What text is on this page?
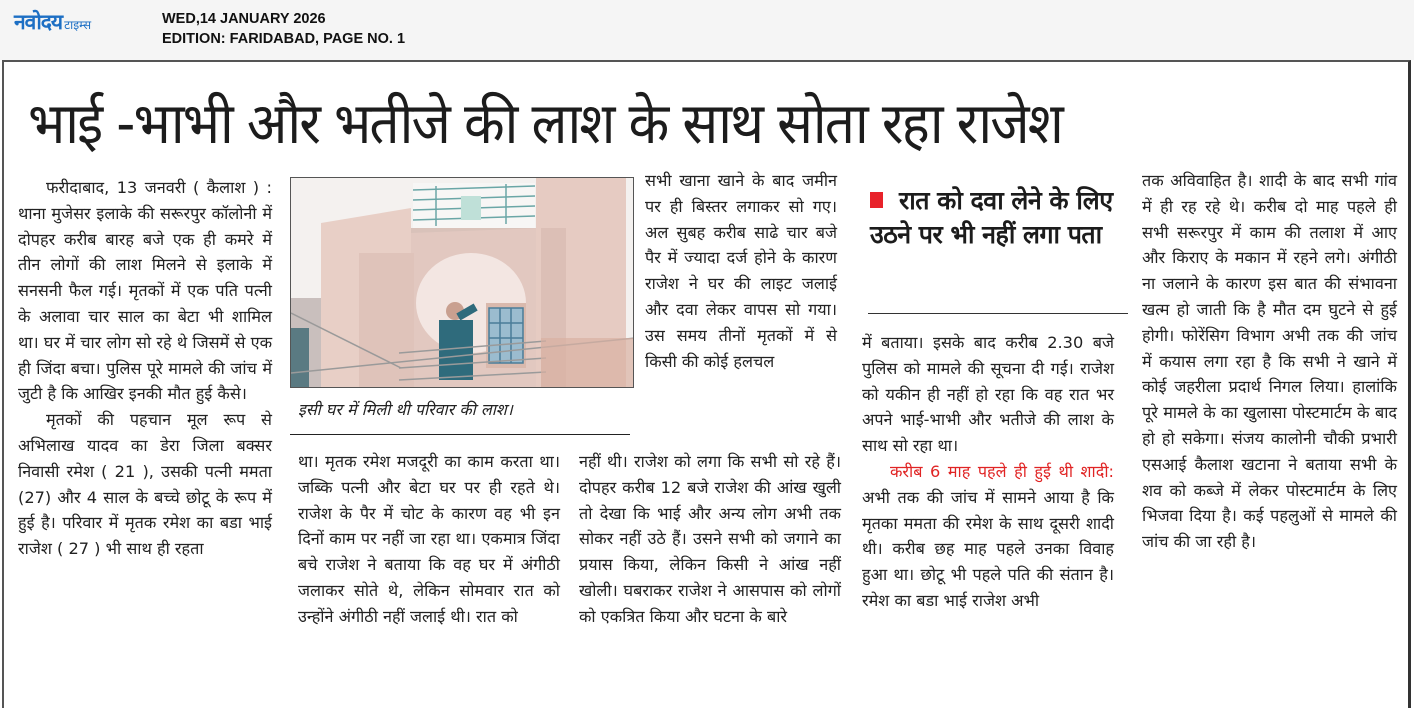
नवोदय टाइम्स	WED,14 JANUARY 2026
EDITION: FARIDABAD, PAGE NO. 1
भाई -भाभी और भतीजे की लाश के साथ सोता रहा राजेश

फरीदाबाद, 13 जनवरी ( कैलाश ) : थाना मुजेसर इलाके की सरूरपुर कॉलोनी में दोपहर करीब बारह बजे एक ही कमरे में तीन लोगों की लाश मिलने से इलाके में सनसनी फैल गई। मृतकों में एक पति पत्नी के अलावा चार साल का बेटा भी शामिल था। घर में चार लोग सो रहे थे जिसमें से एक ही जिंदा बचा। पुलिस पूरे मामले की जांच में जुटी है कि आखिर इनकी मौत हुई कैसे।

मृतकों की पहचान मूल रूप से अभिलाख यादव का डेरा जिला बक्सर निवासी रमेश ( 21 ), उसकी पत्नी ममता (27) और 4 साल के बच्चे छोटू के रूप में हुई है। परिवार में मृतक रमेश का बडा भाई राजेश ( 27 ) भी साथ ही रहता

इसी घर में मिली थी परिवार की लाश।

सभी खाना खाने के बाद जमीन पर ही बिस्तर लगाकर सो गए। अल सुबह करीब साढे चार बजे पैर में ज्यादा दर्ज होने के कारण राजेश ने घर की लाइट जलाई और दवा लेकर वापस सो गया। उस समय तीनों मृतकों में से किसी की कोई हलचल

था। मृतक रमेश मजदूरी का काम करता था। जब्कि पत्नी और बेटा घर पर ही रहते थे। राजेश के पैर में चोट के कारण वह भी इन दिनों काम पर नहीं जा रहा था। एकमात्र जिंदा बचे राजेश ने बताया कि वह घर में अंगीठी जलाकर सोते थे, लेकिन सोमवार रात को उन्होंने अंगीठी नहीं जलाई थी। रात को

नहीं थी। राजेश को लगा कि सभी सो रहे हैं। दोपहर करीब 12 बजे राजेश की आंख खुली तो देखा कि भाई और अन्य लोग अभी तक सोकर नहीं उठे हैं। उसने सभी को जगाने का प्रयास किया, लेकिन किसी ने आंख नहीं खोली। घबराकर राजेश ने आसपास को लोगों को एकत्रित किया और घटना के बारे

रात को दवा लेने के लिए उठने पर भी नहीं लगा पता

में बताया। इसके बाद करीब 2.30 बजे पुलिस को मामले की सूचना दी गई। राजेश को यकीन ही नहीं हो रहा कि वह रात भर अपने भाई-भाभी और भतीजे की लाश के साथ सो रहा था।

करीब 6 माह पहले ही हुई थी शादी: अभी तक की जांच में सामने आया है कि मृतका ममता की रमेश के साथ दूसरी शादी थी। करीब छह माह पहले उनका विवाह हुआ था। छोटू भी पहले पति की संतान है। रमेश का बडा भाई राजेश अभी

तक अविवाहित है। शादी के बाद सभी गांव में ही रह रहे थे। करीब दो माह पहले ही सभी सरूरपुर में काम की तलाश में आए और किराए के मकान में रहने लगे। अंगीठी ना जलाने के कारण इस बात की संभावना खत्म हो जाती कि है मौत दम घुटने से हुई होगी। फोरेंसिग विभाग अभी तक की जांच में कयास लगा रहा है कि सभी ने खाने में कोई जहरीला प्रदार्थ निगल लिया। हालांकि पूरे मामले के का खुलासा पोस्टमार्टम के बाद हो हो सकेगा। संजय कालोनी चौकी प्रभारी एसआई कैलाश खटाना ने बताया सभी के शव को कब्जे में लेकर पोस्टमार्टम के लिए भिजवा दिया है। कई पहलुओं से मामले की जांच की जा रही है।
